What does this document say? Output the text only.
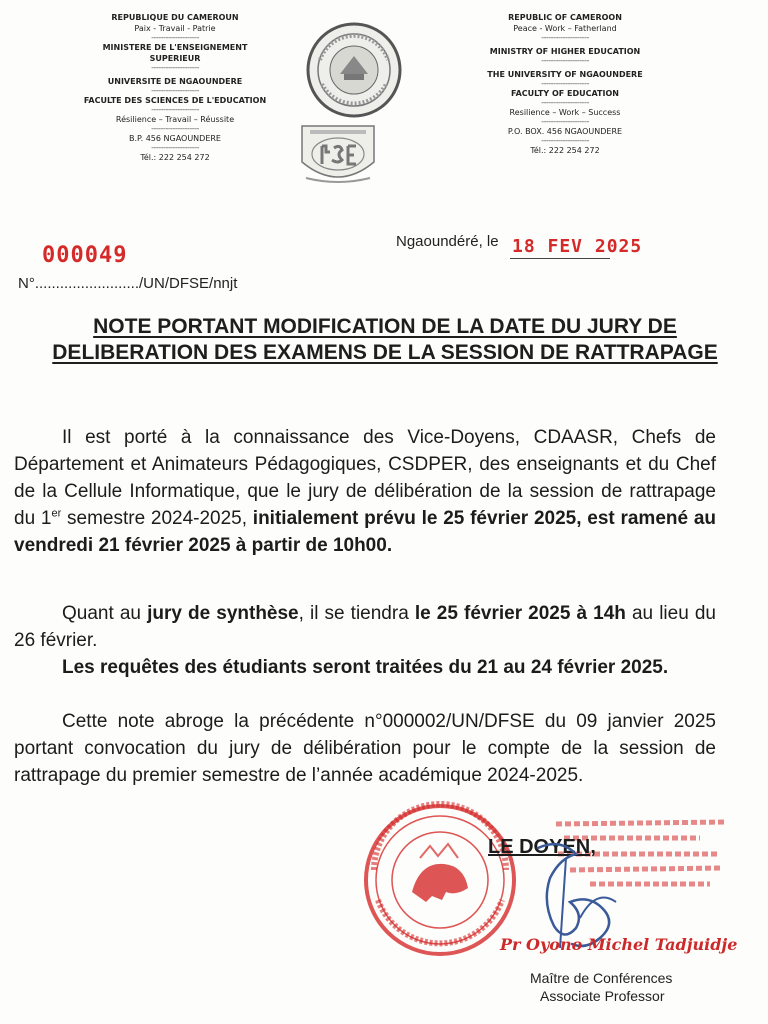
REPUBLIQUE DU CAMEROUN
Paix - Travail - Patrie
--------------------
MINISTERE DE L'ENSEIGNEMENT SUPERIEUR
--------------------
UNIVERSITE DE NGAOUNDERE
--------------------
FACULTE DES SCIENCES DE L'EDUCATION
--------------------
Résilience – Travail – Réussite
--------------------
B.P. 456 NGAOUNDERE
--------------------
Tél.: 222 254 272
REPUBLIC OF CAMEROON
Peace - Work – Fatherland
--------------------
MINISTRY OF HIGHER EDUCATION
--------------------
THE UNIVERSITY OF NGAOUNDERE
--------------------
FACULTY OF EDUCATION
--------------------
Resilience – Work – Success
--------------------
P.O. BOX. 456 NGAOUNDERE
--------------------
Tél.: 222 254 272
000049
N°........................./UN/DFSE/nnjt
Ngaoundéré, le 18 FEV 2025
NOTE PORTANT MODIFICATION DE LA DATE DU JURY DE DELIBERATION DES EXAMENS DE LA SESSION DE RATTRAPAGE
Il est porté à la connaissance des Vice-Doyens, CDAASR, Chefs de Département et Animateurs Pédagogiques, CSDPER, des enseignants et du Chef de la Cellule Informatique, que le jury de délibération de la session de rattrapage du 1er semestre 2024-2025, initialement prévu le 25 février 2025, est ramené au vendredi 21 février 2025 à partir de 10h00.
Quant au jury de synthèse, il se tiendra le 25 février 2025 à 14h au lieu du 26 février.
Les requêtes des étudiants seront traitées du 21 au 24 février 2025.
Cette note abroge la précédente n°000002/UN/DFSE du 09 janvier 2025 portant convocation du jury de délibération pour le compte de la session de rattrapage du premier semestre de l’année académique 2024-2025.
LE DOYEN,
Pr Oyono Michel Tadjuidje
Maître de Conférences
Associate Professor
